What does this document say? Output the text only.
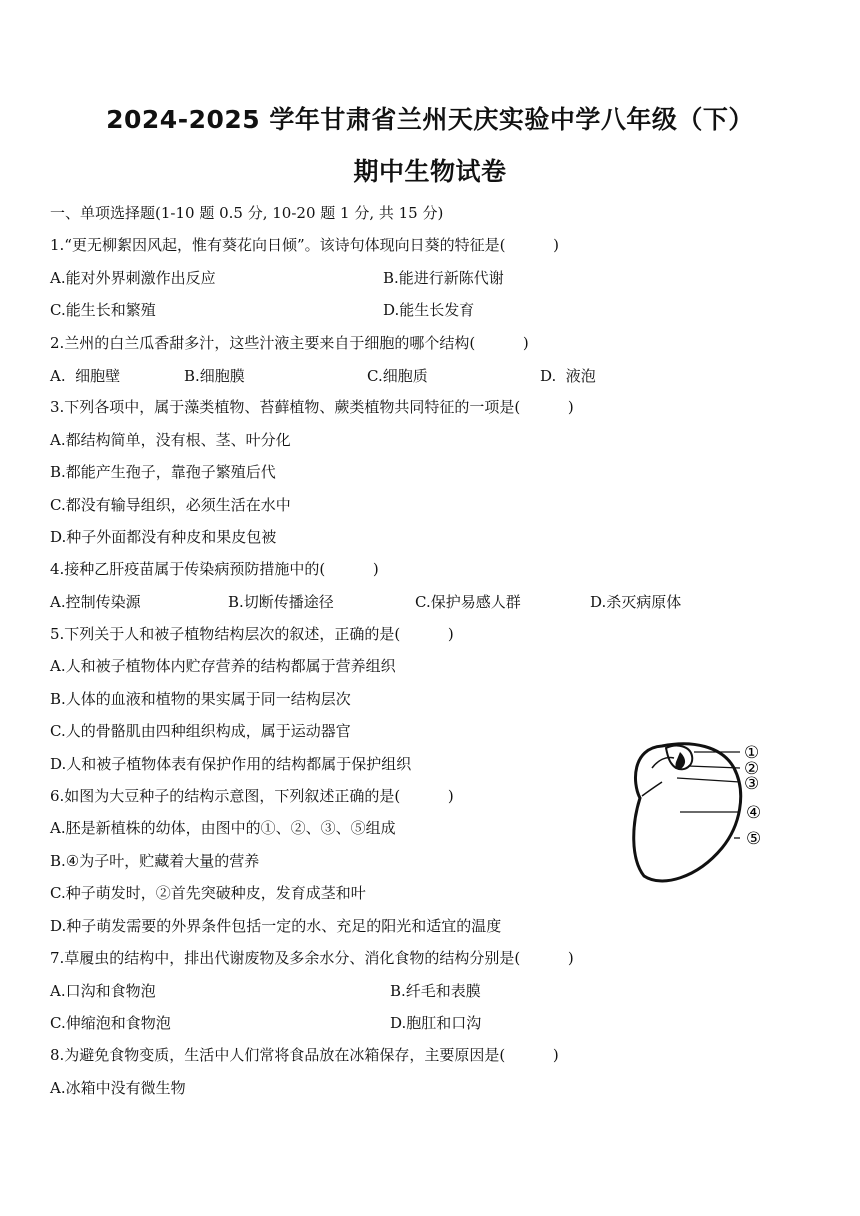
2024-2025 学年甘肃省兰州天庆实验中学八年级（下）
期中生物试卷
一、单项选择题(1-10 题 0.5 分, 10-20 题 1 分, 共 15 分)
1.“更无柳絮因风起，惟有葵花向日倾”。该诗句体现向日葵的特征是(          )
A.能对外界刺激作出反应	B.能进行新陈代谢
C.能生长和繁殖	D.能生长发育
2.兰州的白兰瓜香甜多汁，这些汁液主要来自于细胞的哪个结构(          )
A.  细胞壁	B.细胞膜	C.细胞质	D.  液泡
3.下列各项中，属于藻类植物、苔藓植物、蕨类植物共同特征的一项是(          )
A.都结构简单，没有根、茎、叶分化
B.都能产生孢子，靠孢子繁殖后代
C.都没有输导组织，必须生活在水中
D.种子外面都没有种皮和果皮包被
4.接种乙肝疫苗属于传染病预防措施中的(          )
A.控制传染源	B.切断传播途径	C.保护易感人群	D.杀灭病原体
5.下列关于人和被子植物结构层次的叙述，正确的是(          )
A.人和被子植物体内贮存营养的结构都属于营养组织
B.人体的血液和植物的果实属于同一结构层次
C.人的骨骼肌由四种组织构成，属于运动器官
D.人和被子植物体表有保护作用的结构都属于保护组织
6.如图为大豆种子的结构示意图，下列叙述正确的是(          )
A.胚是新植株的幼体，由图中的①、②、③、⑤组成
B.④为子叶，贮藏着大量的营养
C.种子萌发时，②首先突破种皮，发育成茎和叶
D.种子萌发需要的外界条件包括一定的水、充足的阳光和适宜的温度
7.草履虫的结构中，排出代谢废物及多余水分、消化食物的结构分别是(          )
A.口沟和食物泡	B.纤毛和表膜
C.伸缩泡和食物泡	D.胞肛和口沟
8.为避免食物变质，生活中人们常将食品放在冰箱保存，主要原因是(          )
A.冰箱中没有微生物
①
②
③
④
⑤
